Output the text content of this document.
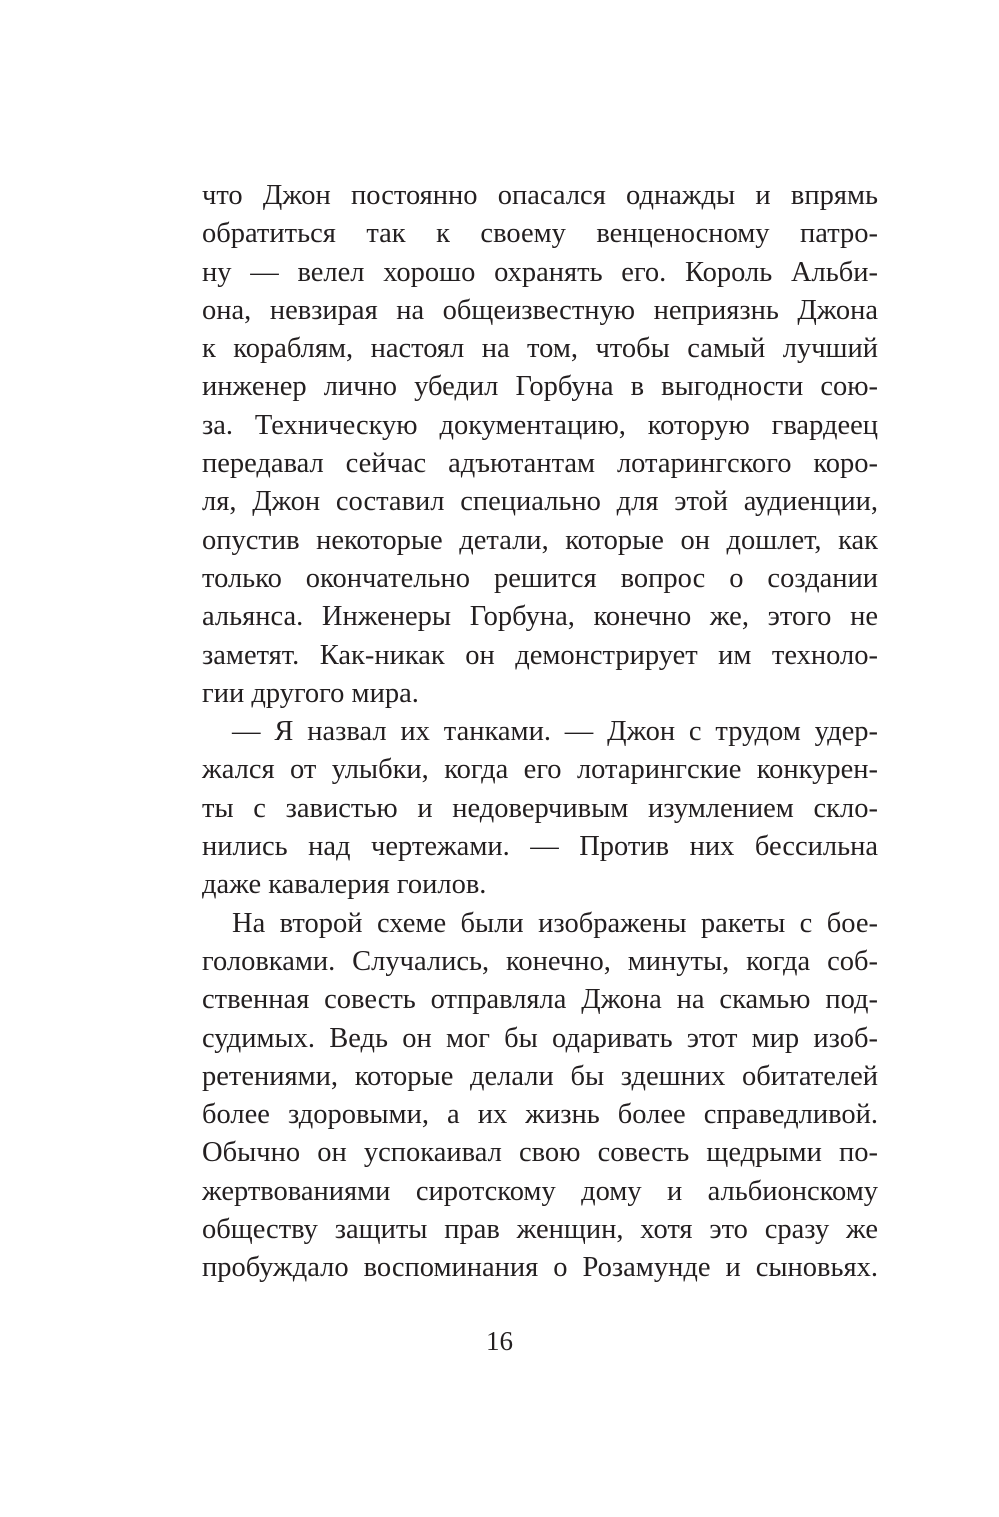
что Джон постоянно опасался однажды и впрямь
обратиться так к своему венценосному патро-
ну — велел хорошо охранять его. Король Альби-
она, невзирая на общеизвестную неприязнь Джона
к кораблям, настоял на том, чтобы самый лучший
инженер лично убедил Горбуна в выгодности сою-
за. Техническую документацию, которую гвардеец
передавал сейчас адъютантам лотарингского коро-
ля, Джон составил специально для этой аудиенции,
опустив некоторые детали, которые он дошлет, как
только окончательно решится вопрос о создании
альянса. Инженеры Горбуна, конечно же, этого не
заметят. Как-никак он демонстрирует им техноло-
гии другого мира.

— Я назвал их танками. — Джон с трудом удер-
жался от улыбки, когда его лотарингские конкурен-
ты с завистью и недоверчивым изумлением скло-
нились над чертежами. — Против них бессильна
даже кавалерия гоилов.

На второй схеме были изображены ракеты с бое-
головками. Случались, конечно, минуты, когда соб-
ственная совесть отправляла Джона на скамью под-
судимых. Ведь он мог бы одаривать этот мир изоб-
ретениями, которые делали бы здешних обитателей
более здоровыми, а их жизнь более справедливой.
Обычно он успокаивал свою совесть щедрыми по-
жертвованиями сиротскому дому и альбионскому
обществу защиты прав женщин, хотя это сразу же
пробуждало воспоминания о Розамунде и сыновьях.

16
